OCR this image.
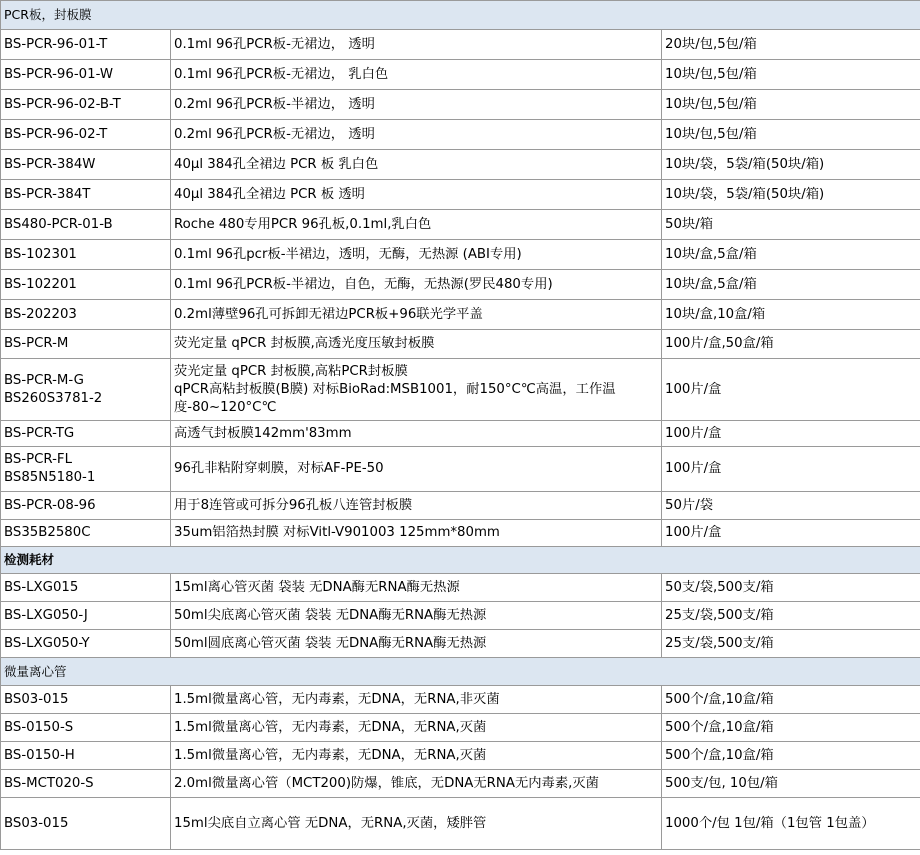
PCR板，封板膜		

BS-PCR-96-01-T	0.1ml 96孔PCR板-无裙边， 透明	20块/包,5包/箱

BS-PCR-96-01-W	0.1ml 96孔PCR板-无裙边， 乳白色	10块/包,5包/箱

BS-PCR-96-02-B-T	0.2ml 96孔PCR板-半裙边， 透明	10块/包,5包/箱

BS-PCR-96-02-T	0.2ml 96孔PCR板-无裙边， 透明	10块/包,5包/箱

BS-PCR-384W	40μl 384孔全裙边 PCR 板 乳白色	10块/袋，5袋/箱(50块/箱)

BS-PCR-384T	40μl 384孔全裙边 PCR 板 透明	10块/袋，5袋/箱(50块/箱)

BS480-PCR-01-B	Roche 480专用PCR 96孔板,0.1ml,乳白色	50块/箱

BS-102301	0.1ml 96孔pcr板-半裙边，透明，无酶，无热源 (ABI专用)	10块/盒,5盒/箱

BS-102201	0.1ml 96孔PCR板-半裙边，自色，无酶，无热源(罗民480专用)	10块/盒,5盒/箱

BS-202203	0.2ml薄壁96孔可拆卸无裙边PCR板+96联光学平盖	10块/盒,10盒/箱

BS-PCR-M	荧光定量 qPCR 封板膜,高透光度压敏封板膜	100片/盒,50盒/箱

BS-PCR-M-G
BS260S3781-2	荧光定量 qPCR 封板膜,高粘PCR封板膜
qPCR高粘封板膜(B膜) 对标BioRad:MSB1001，耐150°C℃高温，工作温
度-80~120°C℃	100片/盒

BS-PCR-TG	高透气封板膜142mm'83mm	100片/盒

BS-PCR-FL
BS85N5180-1	96孔非粘附穿刺膜，对标AF-PE-50	100片/盒

BS-PCR-08-96	用于8连管或可拆分96孔板八连管封板膜	50片/袋

BS35B2580C	35um铝箔热封膜 对标Vitl-V901003 125mm*80mm	100片/盒
检测耗材		

BS-LXG015	15ml离心管灭菌 袋装 无DNA酶无RNA酶无热源	50支/袋,500支/箱

BS-LXG050-J	50ml尖底离心管灭菌 袋装 无DNA酶无RNA酶无热源	25支/袋,500支/箱

BS-LXG050-Y	50ml圆底离心管灭菌 袋装 无DNA酶无RNA酶无热源	25支/袋,500支/箱
微量离心管		

BS03-015	1.5ml微量离心管，无内毒素，无DNA，无RNA,非灭菌	500个/盒,10盒/箱

BS-0150-S	1.5ml微量离心管，无内毒素，无DNA，无RNA,灭菌	500个/盒,10盒/箱

BS-0150-H	1.5ml微量离心管，无内毒素，无DNA，无RNA,灭菌	500个/盒,10盒/箱

BS-MCT020-S	2.0ml微量离心管（MCT200)防爆，锥底，无DNA无RNA无内毒素,灭菌	500支/包, 10包/箱

BS03-015	15ml尖底自立离心管 无DNA，无RNA,灭菌，矮胖管	1000个/包 1包/箱（1包管 1包盖）
